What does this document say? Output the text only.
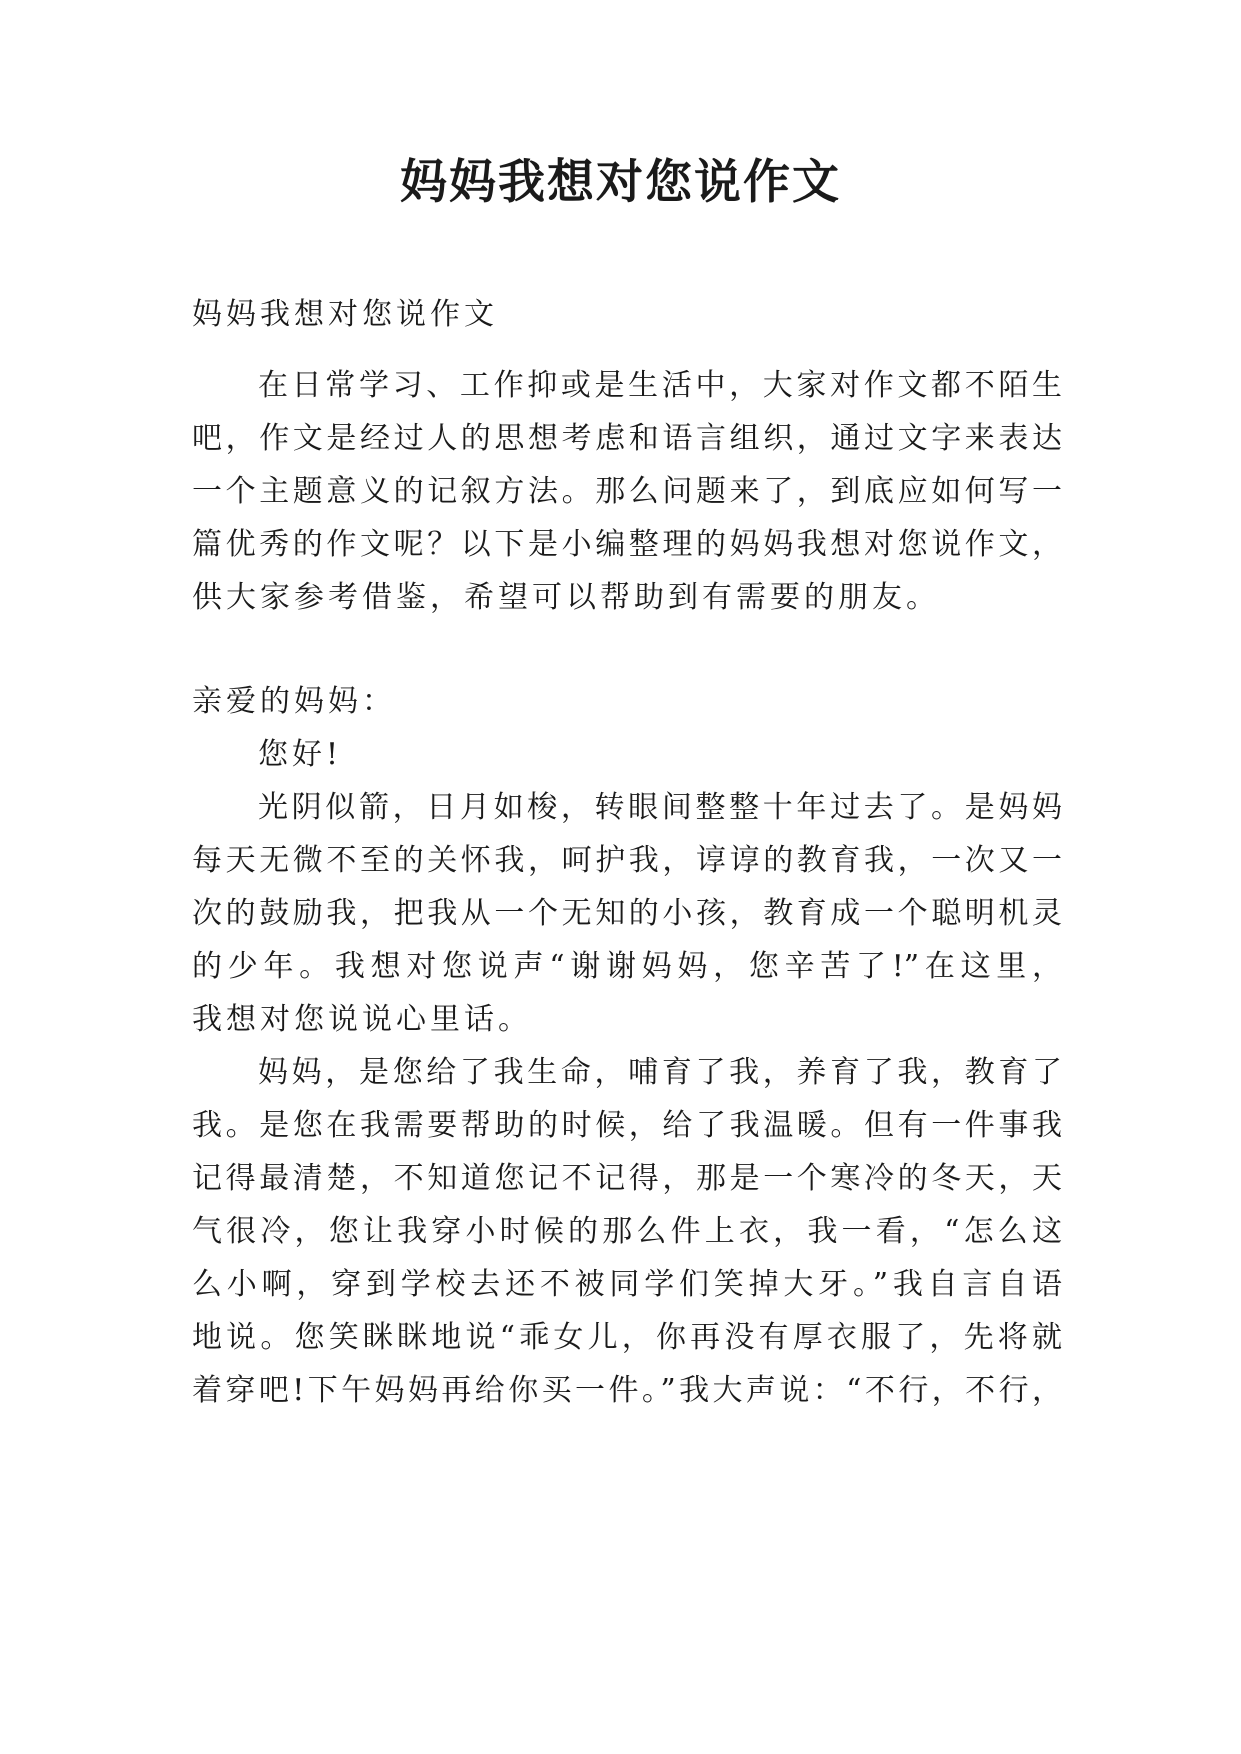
妈妈我想对您说作文

妈妈我想对您说作文

在日常学习、工作抑或是生活中，大家对作文都不陌生

吧，作文是经过人的思想考虑和语言组织，通过文字来表达

一个主题意义的记叙方法。那么问题来了，到底应如何写一

篇优秀的作文呢？以下是小编整理的妈妈我想对您说作文，

供大家参考借鉴，希望可以帮助到有需要的朋友。

亲爱的妈妈：

您好!

光阴似箭，日月如梭，转眼间整整十年过去了。是妈妈

每天无微不至的关怀我，呵护我，谆谆的教育我，一次又一

次的鼓励我，把我从一个无知的小孩，教育成一个聪明机灵

的少年。我想对您说声“谢谢妈妈，您辛苦了!”在这里，

我想对您说说心里话。

妈妈，是您给了我生命，哺育了我，养育了我，教育了

我。是您在我需要帮助的时候，给了我温暖。但有一件事我

记得最清楚，不知道您记不记得，那是一个寒冷的冬天，天

气很冷，您让我穿小时候的那么件上衣，我一看，“怎么这

么小啊，穿到学校去还不被同学们笑掉大牙。”我自言自语

地说。您笑眯眯地说“乖女儿，你再没有厚衣服了，先将就

着穿吧!下午妈妈再给你买一件。”我大声说：“不行，不行，
